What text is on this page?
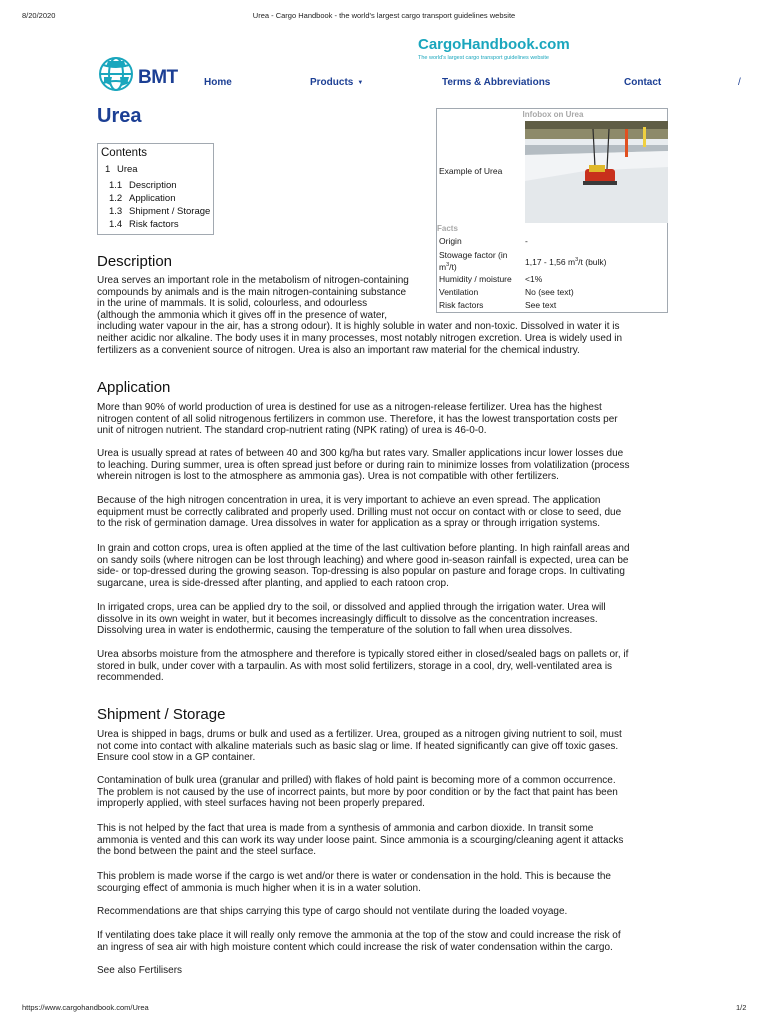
8/20/2020	Urea - Cargo Handbook - the world's largest cargo transport guidelines website
https://www.cargohandbook.com/Urea	1/2
CargoHandbook.com
The world's largest cargo transport guidelines website
BMT	Home	Products ▼	Terms & Abbreviations	Contact	/
Urea
Contents
1 Urea
1.1 Description
1.2 Application
1.3 Shipment / Storage
1.4 Risk factors
Infobox on Urea
Example of Urea
Facts
Origin	-
Stowage factor (in $m^3/t$)	1,17 - 1,56 $m^3/t$ (bulk)
Humidity / moisture <1%
Ventilation	No (see text)
Risk factors	See text
Description
Urea serves an important role in the metabolism of nitrogen-containing
compounds by animals and is the main nitrogen-containing substance
in the urine of mammals. It is solid, colourless, and odourless
(although the ammonia which it gives off in the presence of water,
including water vapour in the air, has a strong odour). It is highly soluble in water and non-toxic. Dissolved in water it is
neither acidic nor alkaline. The body uses it in many processes, most notably nitrogen excretion. Urea is widely used in
fertilizers as a convenient source of nitrogen. Urea is also an important raw material for the chemical industry.
Application
More than 90% of world production of urea is destined for use as a nitrogen-release fertilizer. Urea has the highest
nitrogen content of all solid nitrogenous fertilizers in common use. Therefore, it has the lowest transportation costs per
unit of nitrogen nutrient. The standard crop-nutrient rating (NPK rating) of urea is 46-0-0.
Urea is usually spread at rates of between 40 and 300 kg/ha but rates vary. Smaller applications incur lower losses due
to leaching. During summer, urea is often spread just before or during rain to minimize losses from volatilization (process
wherein nitrogen is lost to the atmosphere as ammonia gas). Urea is not compatible with other fertilizers.
Because of the high nitrogen concentration in urea, it is very important to achieve an even spread. The application
equipment must be correctly calibrated and properly used. Drilling must not occur on contact with or close to seed, due
to the risk of germination damage. Urea dissolves in water for application as a spray or through irrigation systems.
In grain and cotton crops, urea is often applied at the time of the last cultivation before planting. In high rainfall areas and
on sandy soils (where nitrogen can be lost through leaching) and where good in-season rainfall is expected, urea can be
side- or top-dressed during the growing season. Top-dressing is also popular on pasture and forage crops. In cultivating
sugarcane, urea is side-dressed after planting, and applied to each ratoon crop.
In irrigated crops, urea can be applied dry to the soil, or dissolved and applied through the irrigation water. Urea will
dissolve in its own weight in water, but it becomes increasingly difficult to dissolve as the concentration increases.
Dissolving urea in water is endothermic, causing the temperature of the solution to fall when urea dissolves.
Urea absorbs moisture from the atmosphere and therefore is typically stored either in closed/sealed bags on pallets or, if
stored in bulk, under cover with a tarpaulin. As with most solid fertilizers, storage in a cool, dry, well-ventilated area is
recommended.
Shipment / Storage
Urea is shipped in bags, drums or bulk and used as a fertilizer. Urea, grouped as a nitrogen giving nutrient to soil, must
not come into contact with alkaline materials such as basic slag or lime. If heated significantly can give off toxic gases.
Ensure cool stow in a GP container.
Contamination of bulk urea (granular and prilled) with flakes of hold paint is becoming more of a common occurrence.
The problem is not caused by the use of incorrect paints, but more by poor condition or by the fact that paint has been
improperly applied, with steel surfaces having not been properly prepared.
This is not helped by the fact that urea is made from a synthesis of ammonia and carbon dioxide. In transit some
ammonia is vented and this can work its way under loose paint. Since ammonia is a scourging/cleaning agent it attacks
the bond between the paint and the steel surface.
This problem is made worse if the cargo is wet and/or there is water or condensation in the hold. This is because the
scourging effect of ammonia is much higher when it is in a water solution.
Recommendations are that ships carrying this type of cargo should not ventilate during the loaded voyage.
If ventilating does take place it will really only remove the ammonia at the top of the stow and could increase the risk of
an ingress of sea air with high moisture content which could increase the risk of water condensation within the cargo.
See also Fertilisers
